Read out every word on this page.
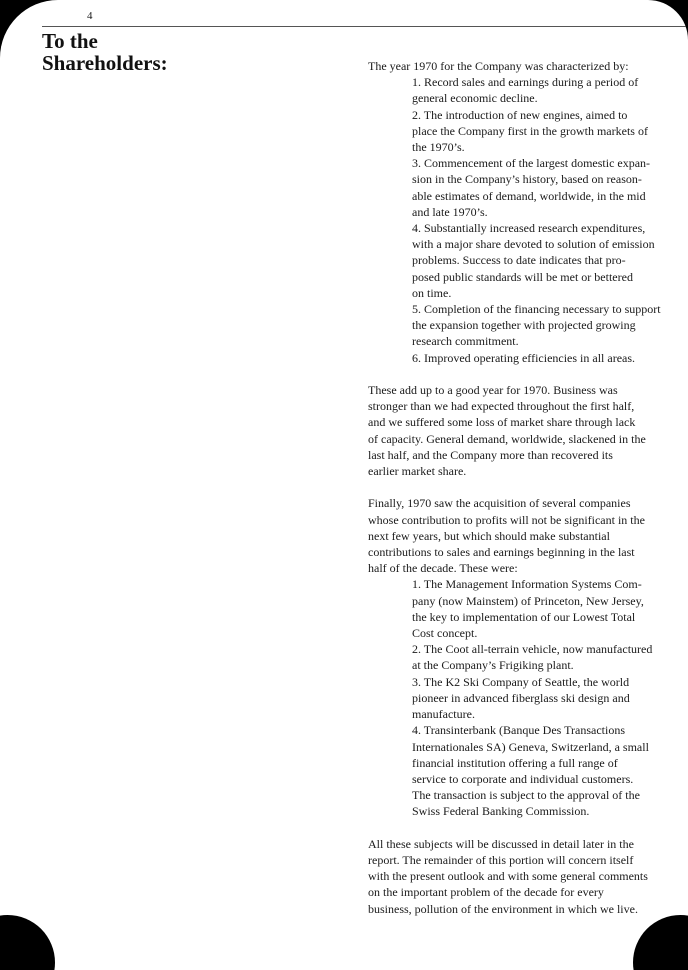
4
To the
Shareholders:	The year 1970 for the Company was characterized by:
1. Record sales and earnings during a period of
general economic decline.
2. The introduction of new engines, aimed to
place the Company first in the growth markets of
the 1970’s.
3. Commencement of the largest domestic expan-
sion in the Company’s history, based on reason-
able estimates of demand, worldwide, in the mid
and late 1970’s.
4. Substantially increased research expenditures,
with a major share devoted to solution of emission
problems. Success to date indicates that pro-
posed public standards will be met or bettered
on time.
5. Completion of the financing necessary to support
the expansion together with projected growing
research commitment.
6. Improved operating efficiencies in all areas.
These add up to a good year for 1970. Business was
stronger than we had expected throughout the first half,
and we suffered some loss of market share through lack
of capacity. General demand, worldwide, slackened in the
last half, and the Company more than recovered its
earlier market share.
Finally, 1970 saw the acquisition of several companies
whose contribution to profits will not be significant in the
next few years, but which should make substantial
contributions to sales and earnings beginning in the last
half of the decade. These were:
1. The Management Information Systems Com-
pany (now Mainstem) of Princeton, New Jersey,
the key to implementation of our Lowest Total
Cost concept.
2. The Coot all-terrain vehicle, now manufactured
at the Company’s Frigiking plant.
3. The K2 Ski Company of Seattle, the world
pioneer in advanced fiberglass ski design and
manufacture.
4. Transinterbank (Banque Des Transactions
Internationales SA) Geneva, Switzerland, a small
financial institution offering a full range of
service to corporate and individual customers.
The transaction is subject to the approval of the
Swiss Federal Banking Commission.
All these subjects will be discussed in detail later in the
report. The remainder of this portion will concern itself
with the present outlook and with some general comments
on the important problem of the decade for every
business, pollution of the environment in which we live.
